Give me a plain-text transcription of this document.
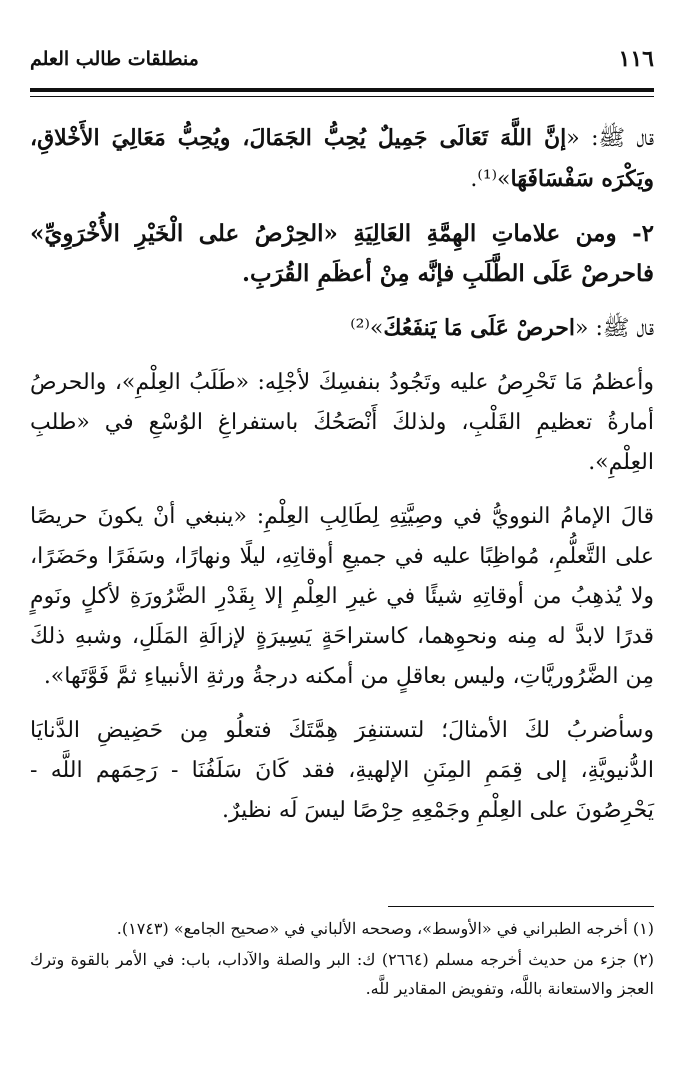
١١٦
منطلقات طالب العلم

قال ﷺ: «إنَّ اللَّهَ تَعَالَى جَمِيلٌ يُحِبُّ الجَمَالَ، ويُحِبُّ مَعَالِيَ الأَخْلاقِ، ويَكْرَه سَفْسَافَهَا»⁽¹⁾.

٢- ومن علاماتِ الهِمَّةِ العَالِيَةِ «الحِرْصُ على الْخَيْرِ الأُخْرَوِيِّ» فاحرصْ عَلَى الطَّلَبِ فإنَّه مِنْ أعظَمِ القُرَبِ.

قال ﷺ: «احرصْ عَلَى مَا يَنفَعُكَ»⁽²⁾

وأعظمُ مَا تَحْرِصُ عليه وتَجُودُ بنفسِكَ لأجْلِه: «طَلَبُ العِلْمِ»، والحرصُ أمارةُ تعظيمِ القَلْبِ، ولذلكَ أَنْصَحُكَ باستفراغِ الوُسْعِ في «طلبِ العِلْمِ».

قالَ الإمامُ النوويُّ في وصِيَّتِهِ لِطَالِبِ العِلْمِ: «ينبغي أنْ يكونَ حريصًا على التَّعلُّمِ، مُواظِبًا عليه في جميعِ أوقاتِهِ، ليلًا ونهارًا، وسَفَرًا وحَضَرًا، ولا يُذهِبُ من أوقاتِهِ شيئًا في غيرِ العِلْمِ إلا بِقَدْرِ الضَّرُورَةِ لأكلٍ ونَومٍ قدرًا لابدَّ له مِنه ونحوِهما، كاستراحَةٍ يَسِيرَةٍ لإزالَةِ المَلَلِ، وشبهِ ذلكَ مِن الضَّرُوريَّاتِ، وليس بعاقلٍ من أمكنه درجةُ ورثةِ الأنبياءِ ثمَّ فَوَّتَها».

وسأضربُ لكَ الأمثالَ؛ لتستنفِرَ هِمَّتَكَ فتعلُو مِن حَضِيضِ الدَّنايَا الدُّنيويَّةِ، إلى قِمَمِ المِنَنِ الإلهيةِ، فقد كَانَ سَلَفُنَا - رَحِمَهم اللَّه - يَحْرِصُونَ على العِلْمِ وجَمْعِهِ حِرْصًا ليسَ لَه نظيرٌ.

(١) أخرجه الطبراني في «الأوسط»، وصححه الألباني في «صحيح الجامع» (١٧٤٣).

(٢) جزء من حديث أخرجه مسلم (٢٦٦٤) ك: البر والصلة والآداب، باب: في الأمر بالقوة وترك العجز والاستعانة باللَّه، وتفويض المقادير للَّه.
